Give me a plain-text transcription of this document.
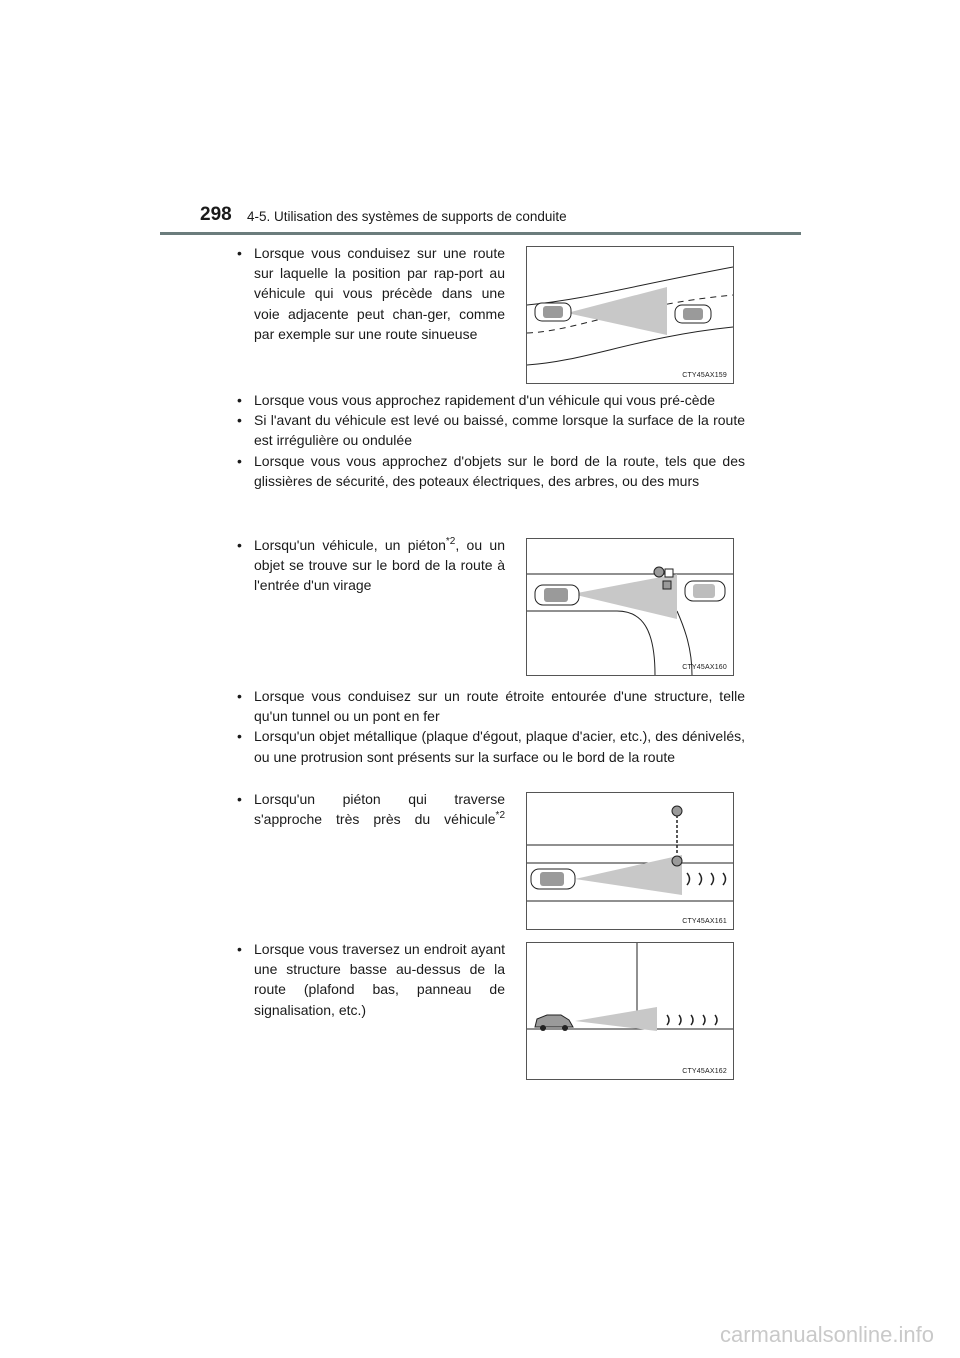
298 4-5. Utilisation des systèmes de supports de conduite
• Lorsque vous conduisez sur une route sur laquelle la position par rap-port au véhicule qui vous précède dans une voie adjacente peut chan-ger, comme par exemple sur une route sinueuse
CTY45AX159
• Lorsque vous vous approchez rapidement d'un véhicule qui vous pré-cède
• Si l'avant du véhicule est levé ou baissé, comme lorsque la surface de la route est irrégulière ou ondulée
• Lorsque vous vous approchez d'objets sur le bord de la route, tels que des glissières de sécurité, des poteaux électriques, des arbres, ou des murs
• Lorsqu'un véhicule, un piéton$^{*2}$, ou un objet se trouve sur le bord de la route à l'entrée d'un virage
CTY45AX160
• Lorsque vous conduisez sur un route étroite entourée d'une structure, telle qu'un tunnel ou un pont en fer
• Lorsqu'un objet métallique (plaque d'égout, plaque d'acier, etc.), des dénivelés, ou une protrusion sont présents sur la surface ou le bord de la route
• Lorsqu'un piéton qui traverse s'approche très près du véhicule$^{*2}$
CTY45AX161
• Lorsque vous traversez un endroit ayant une structure basse au-dessus de la route (plafond bas, panneau de signalisation, etc.)
CTY45AX162
carmanualsonline.info
